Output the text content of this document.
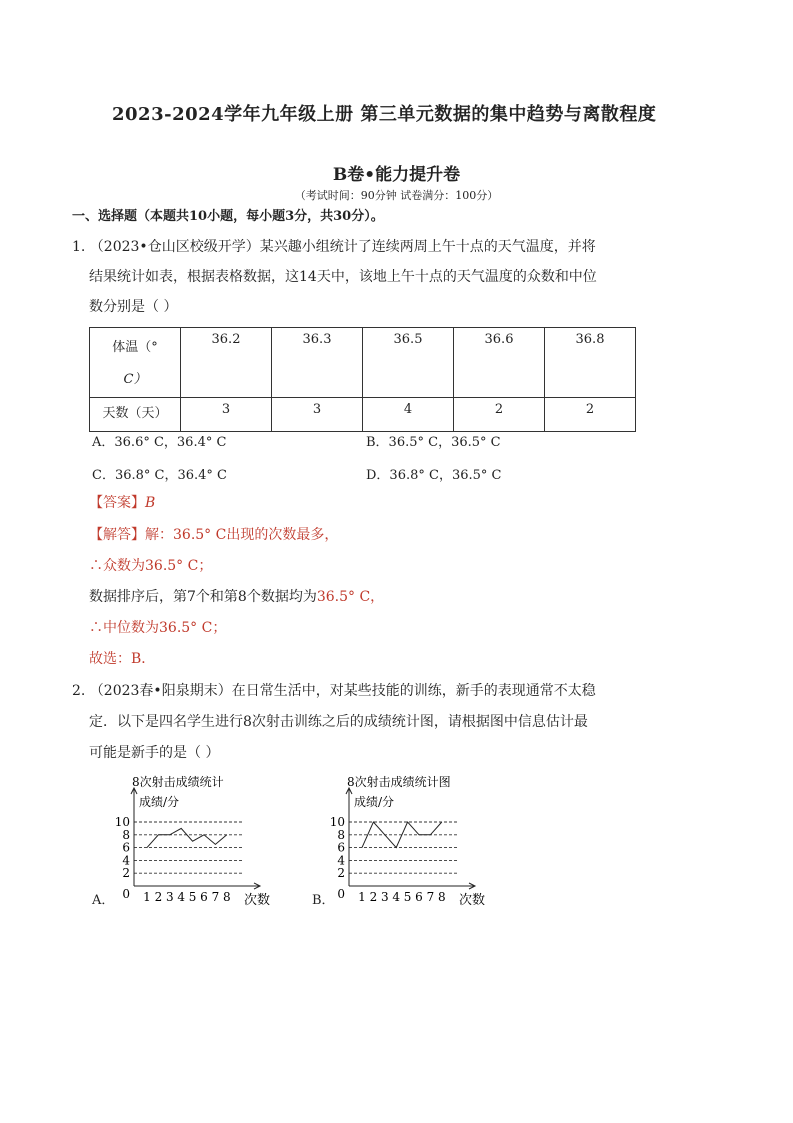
2023-2024学年九年级上册 第三单元数据的集中趋势与离散程度
B卷•能力提升卷
（考试时间：90分钟 试卷满分：100分）
一、选择题（本题共10小题，每小题3分，共30分）。
1. （2023•仓山区校级开学）某兴趣小组统计了连续两周上午十点的天气温度，并将
结果统计如表，根据表格数据，这14天中，该地上午十点的天气温度的众数和中位
数分别是（ ）
体温（°
C）	36.2	36.3	36.5	36.6	36.8
天数（天）	3	3	4	2	2
A．36.6° C，36.4° C	B．36.5° C，36.5° C
C．36.8° C，36.4° C	D．36.8° C，36.5° C
【答案】B
【解答】解：36.5° C出现的次数最多，
∴众数为36.5° C；
数据排序后，第7个和第8个数据均为36.5° C，
∴中位数为36.5° C；
故选：B．
2. （2023春•阳泉期末）在日常生活中，对某些技能的训练，新手的表现通常不太稳
定．以下是四名学生进行8次射击训练之后的成绩统计图，请根据图中信息估计最
可能是新手的是（ ）
8次射击成绩统计
成绩/分
2
4
6
8
10
0 1 2 3 4 5 6 7 8 次数
8次射击成绩统计图
成绩/分
2
4
6
8
10
0 1 2 3 4 5 6 7 8 次数
A．	B．
